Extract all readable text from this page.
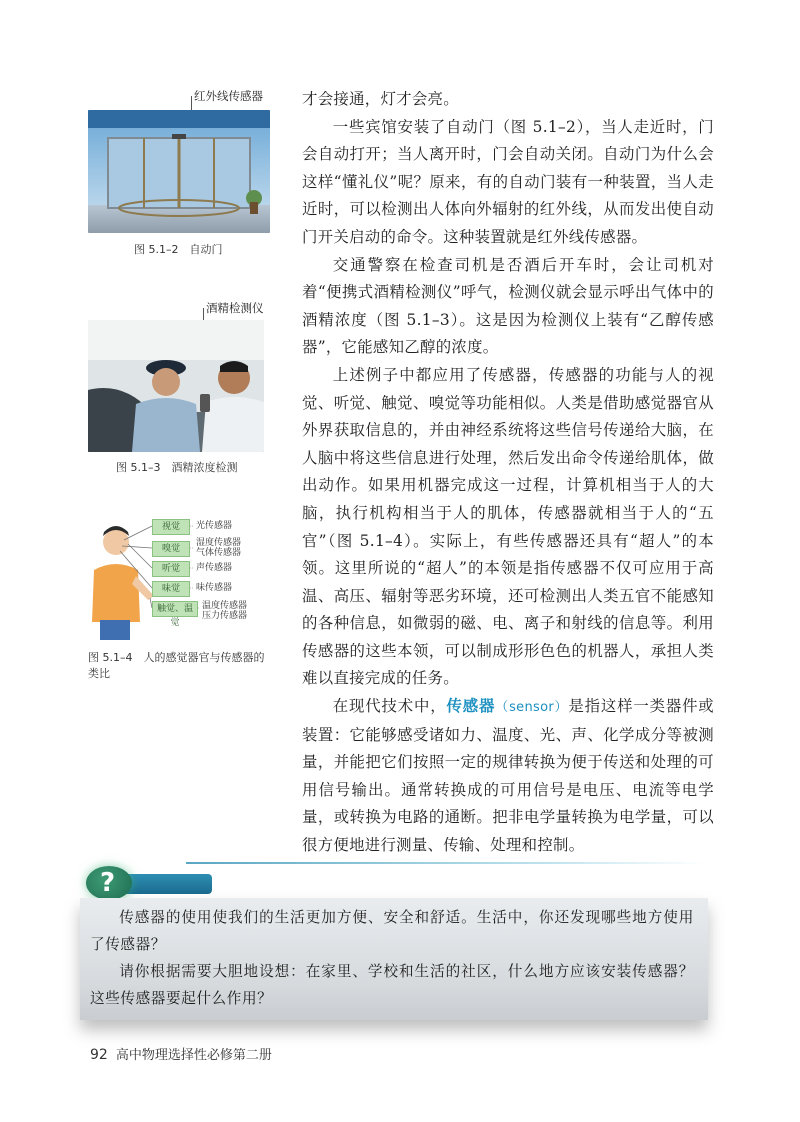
红外线传感器
图 5.1–2　自动门
酒精检测仪
图 5.1–3　酒精浓度检测
视觉
嗅觉
听觉
味觉
触觉、温觉
光传感器
湿度传感器
气体传感器
声传感器
味传感器
温度传感器
压力传感器
图 5.1–4　人的感觉器官与传感器的类比

才会接通，灯才会亮。

一些宾馆安装了自动门（图 5.1–2），当人走近时，门会自动打开；当人离开时，门会自动关闭。自动门为什么会这样“懂礼仪”呢？原来，有的自动门装有一种装置，当人走近时，可以检测出人体向外辐射的红外线，从而发出使自动门开关启动的命令。这种装置就是红外线传感器。

交通警察在检查司机是否酒后开车时，会让司机对着“便携式酒精检测仪”呼气，检测仪就会显示呼出气体中的酒精浓度（图 5.1–3）。这是因为检测仪上装有“乙醇传感器”，它能感知乙醇的浓度。

上述例子中都应用了传感器，传感器的功能与人的视觉、听觉、触觉、嗅觉等功能相似。人类是借助感觉器官从外界获取信息的，并由神经系统将这些信号传递给大脑，在人脑中将这些信息进行处理，然后发出命令传递给肌体，做出动作。如果用机器完成这一过程，计算机相当于人的大脑，执行机构相当于人的肌体，传感器就相当于人的“五官”（图 5.1–4）。实际上，有些传感器还具有“超人”的本领。这里所说的“超人”的本领是指传感器不仅可应用于高温、高压、辐射等恶劣环境，还可检测出人类五官不能感知的各种信息，如微弱的磁、电、离子和射线的信息等。利用传感器的这些本领，可以制成形形色色的机器人，承担人类难以直接完成的任务。

在现代技术中，传感器（sensor）是指这样一类器件或装置：它能够感受诸如力、温度、光、声、化学成分等被测量，并能把它们按照一定的规律转换为便于传送和处理的可用信号输出。通常转换成的可用信号是电压、电流等电学量，或转换为电路的通断。把非电学量转换为电学量，可以很方便地进行测量、传输、处理和控制。

?

传感器的使用使我们的生活更加方便、安全和舒适。生活中，你还发现哪些地方使用了传感器？

请你根据需要大胆地设想：在家里、学校和生活的社区，什么地方应该安装传感器？这些传感器要起什么作用？

92 高中物理选择性必修第二册
